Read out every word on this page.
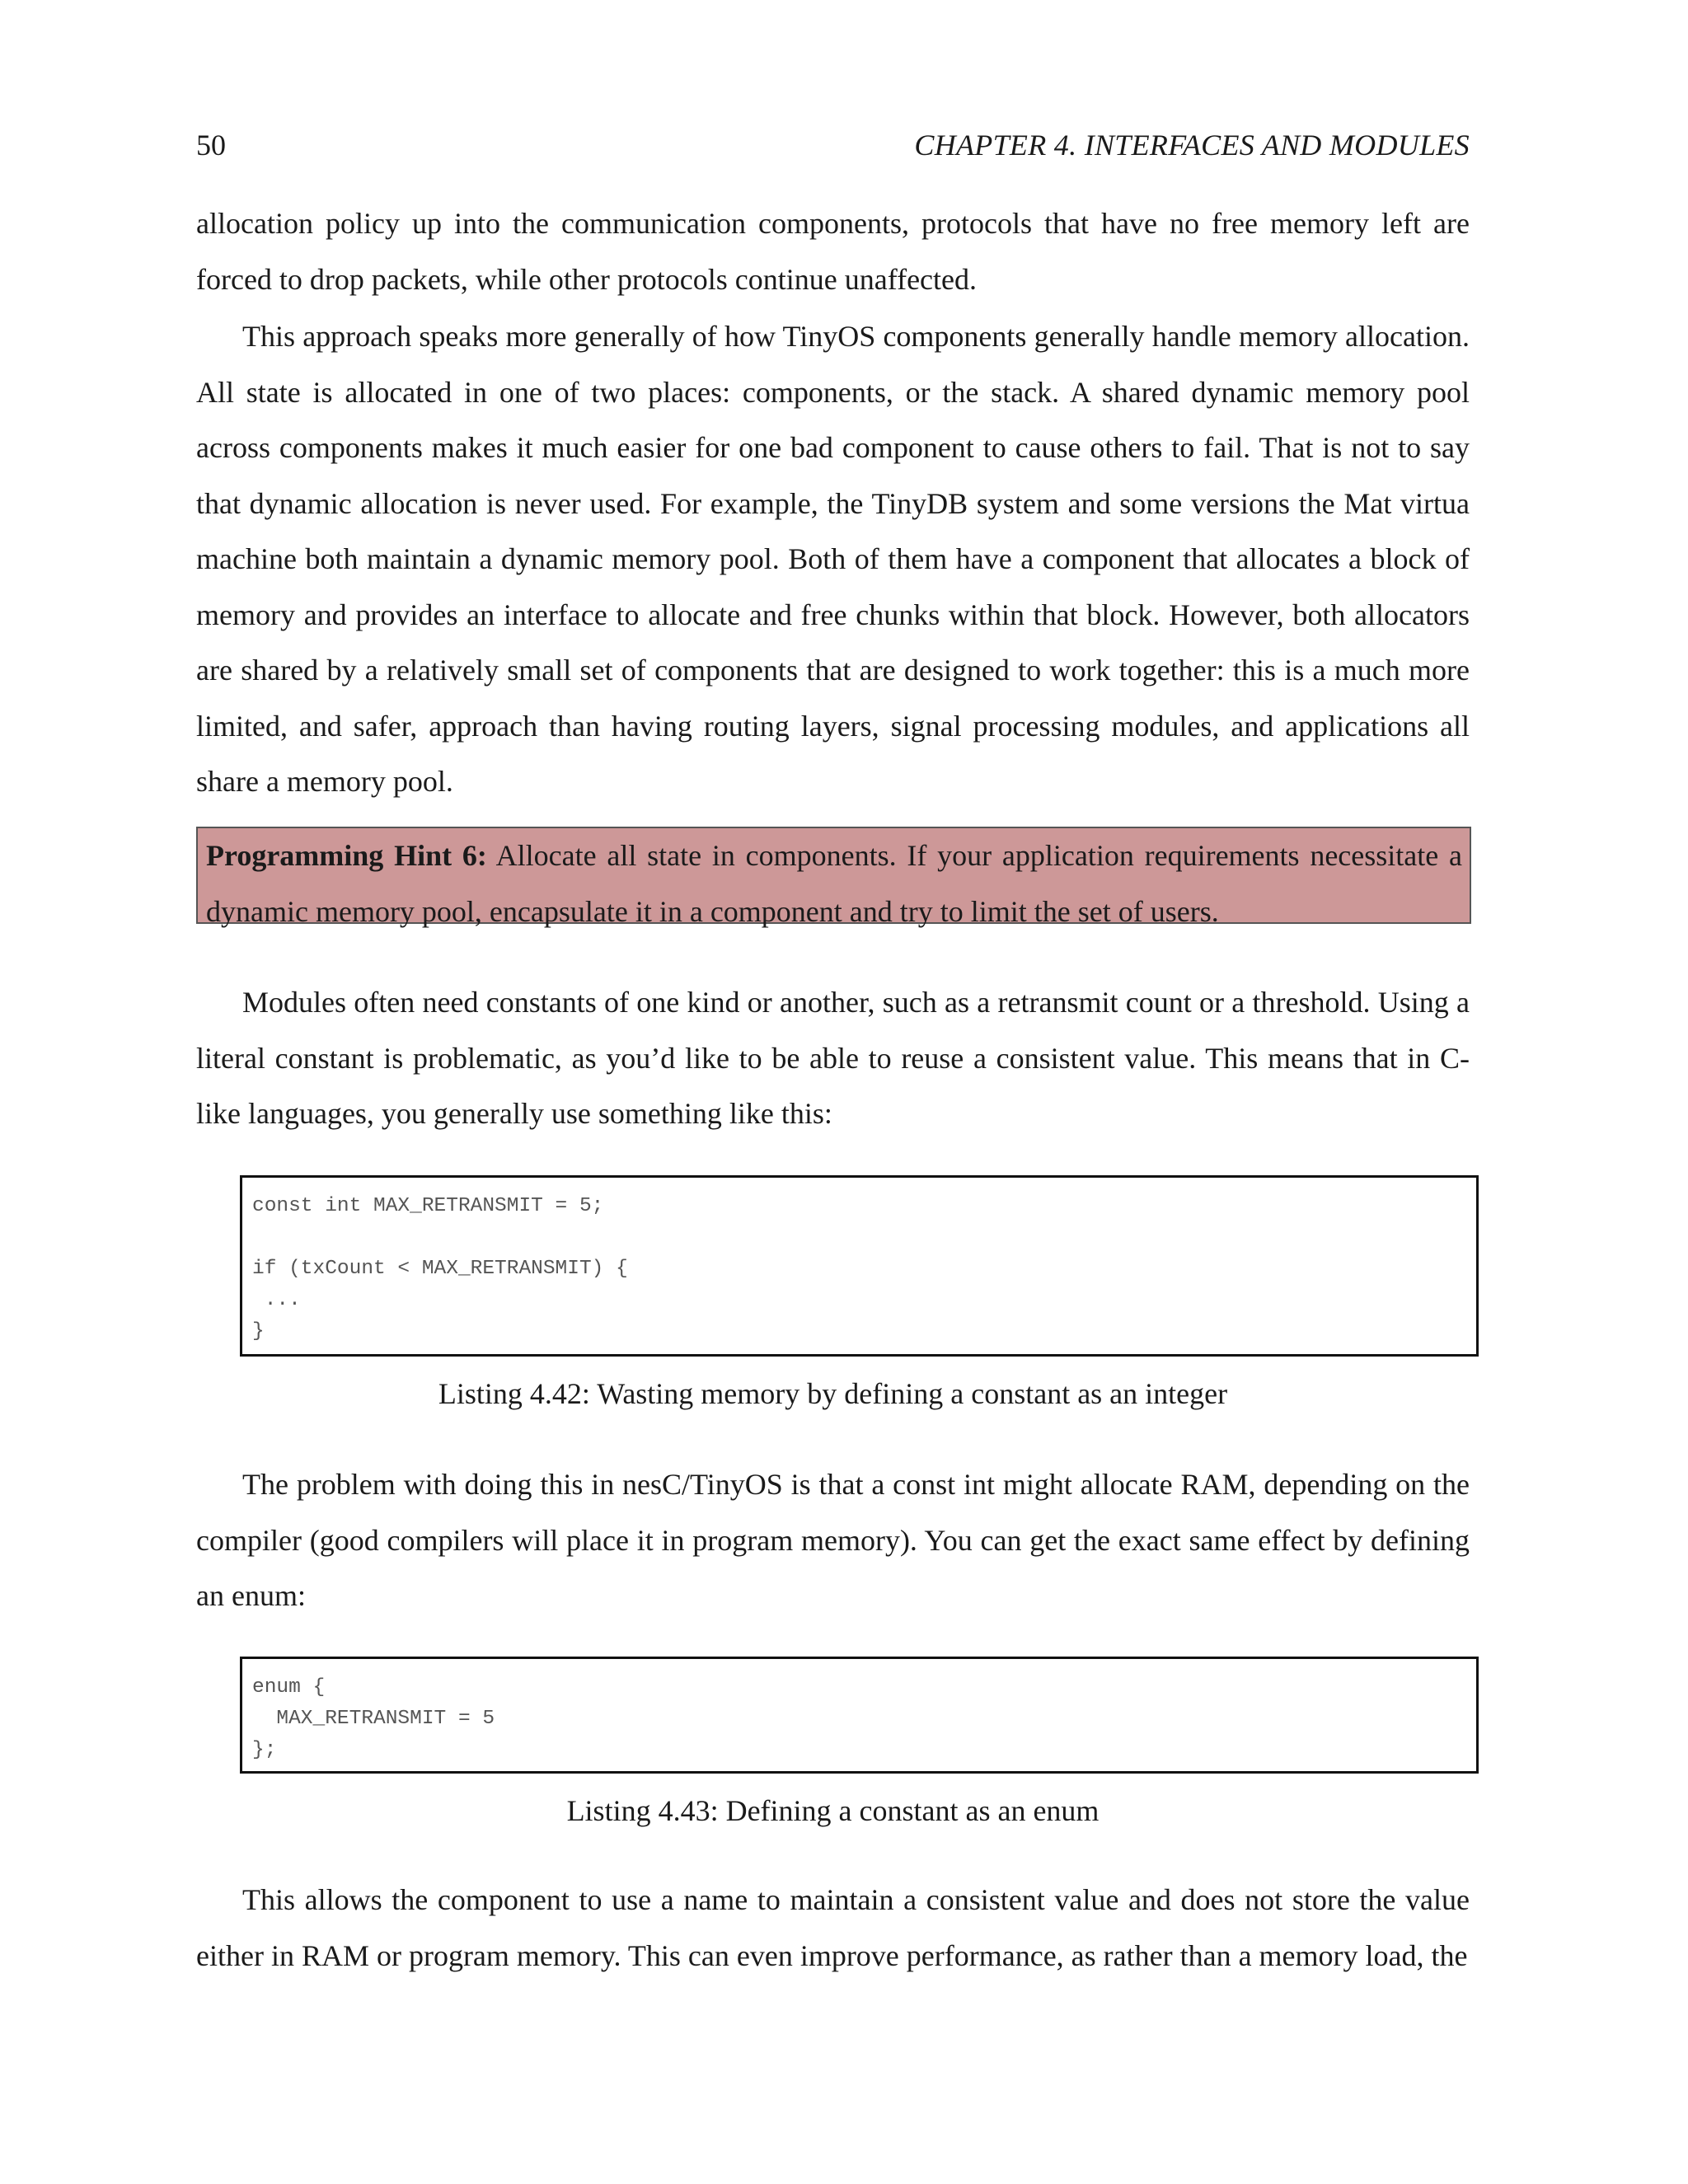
50	CHAPTER 4. INTERFACES AND MODULES

allocation policy up into the communication components, protocols that have no free memory left are forced to drop packets, while other protocols continue unaffected.

This approach speaks more generally of how TinyOS components generally handle memory allocation. All state is allocated in one of two places: components, or the stack. A shared dynamic memory pool across components makes it much easier for one bad component to cause others to fail. That is not to say that dynamic allocation is never used. For example, the TinyDB system and some versions the Mat virtua machine both maintain a dynamic memory pool. Both of them have a component that allocates a block of memory and provides an interface to allocate and free chunks within that block. However, both allocators are shared by a relatively small set of components that are designed to work together: this is a much more limited, and safer, approach than having routing layers, signal processing modules, and applications all share a memory pool.

Programming Hint 6: Allocate all state in components. If your application requirements necessitate a dynamic memory pool, encapsulate it in a component and try to limit the set of users.

Modules often need constants of one kind or another, such as a retransmit count or a threshold. Using a literal constant is problematic, as you’d like to be able to reuse a consistent value. This means that in C-like languages, you generally use something like this:

const int MAX_RETRANSMIT = 5;
if (txCount < MAX_RETRANSMIT) {
...
}
Listing 4.42: Wasting memory by defining a constant as an integer

The problem with doing this in nesC/TinyOS is that a const int might allocate RAM, depending on the compiler (good compilers will place it in program memory). You can get the exact same effect by defining an enum:

enum {
MAX_RETRANSMIT = 5
};
Listing 4.43: Defining a constant as an enum

This allows the component to use a name to maintain a consistent value and does not store the value either in RAM or program memory. This can even improve performance, as rather than a memory load, the
